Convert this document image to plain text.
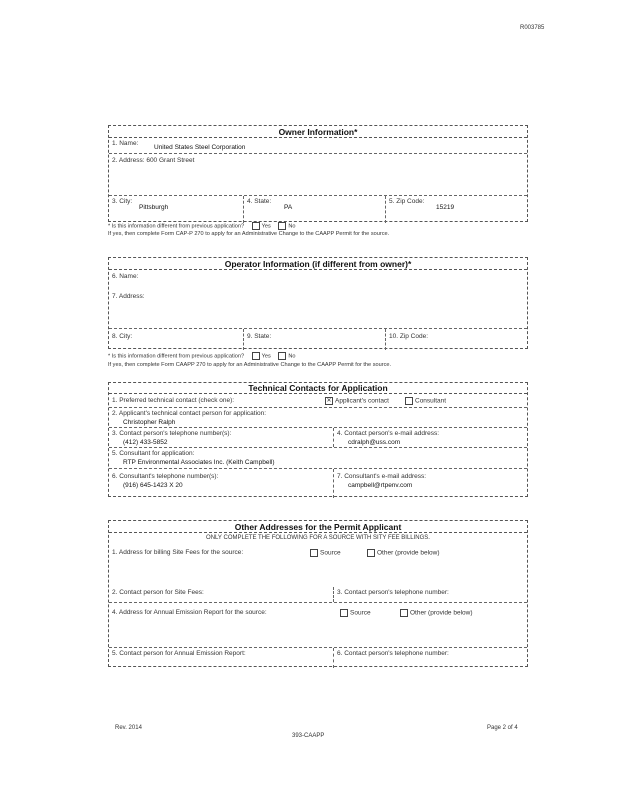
R003785
Owner Information*
1. Name:
United States Steel Corporation
2. Address: 600 Grant Street
3. City:
Pittsburgh
4. State:
PA
5. Zip Code:
15219
* Is this information different from previous application?	Yes	No
If yes, then complete Form CAP-P 270 to apply for an Administrative Change to the CAAPP Permit for the source.
Operator Information (if different from owner)*
6. Name:
7. Address:
8. City:	9. State:	10. Zip Code:
* Is this information different from previous application?	Yes	No
If yes, then complete Form CAAPP 270 to apply for an Administrative Change to the CAAPP Permit for the source.
Technical Contacts for Application
1. Preferred technical contact (check one):	✕ Applicant's contact	Consultant
2. Applicant's technical contact person for application:
Christopher Ralph
3. Contact person's telephone number(s):
(412) 433-5852
4. Contact person's e-mail address:
cdralph@uss.com
5. Consultant for application:
RTP Environmental Associates Inc. (Keith Campbell)
6. Consultant's telephone number(s):
(916) 645-1423 X 20
7. Consultant's e-mail address:
campbell@rtpenv.com
Other Addresses for the Permit Applicant
ONLY COMPLETE THE FOLLOWING FOR A SOURCE WITH SITY FEE BILLINGS.
1. Address for billing Site Fees for the source:	Source	Other (provide below)
2. Contact person for Site Fees:	3. Contact person's telephone number:
4. Address for Annual Emission Report for the source:	Source	Other (provide below)
5. Contact person for Annual Emission Report:	6. Contact person's telephone number:
Rev. 2014	Page 2 of 4
393-CAAPP
